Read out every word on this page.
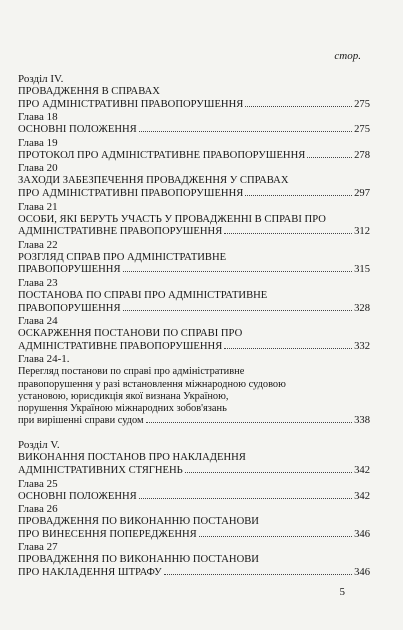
стор.
Розділ IV.
ПРОВАДЖЕННЯ В СПРАВАХ
ПРО АДМІНІСТРАТИВНІ ПРАВОПОРУШЕННЯ	275
Глава 18
ОСНОВНІ ПОЛОЖЕННЯ	275
Глава 19
ПРОТОКОЛ ПРО АДМІНІСТРАТИВНЕ ПРАВОПОРУШЕННЯ	278
Глава 20
ЗАХОДИ ЗАБЕЗПЕЧЕННЯ ПРОВАДЖЕННЯ У СПРАВАХ
ПРО АДМІНІСТРАТИВНІ ПРАВОПОРУШЕННЯ	297
Глава 21
ОСОБИ, ЯКІ БЕРУТЬ УЧАСТЬ У ПРОВАДЖЕННІ В СПРАВІ ПРО
АДМІНІСТРАТИВНЕ ПРАВОПОРУШЕННЯ	312
Глава 22
РОЗГЛЯД СПРАВ ПРО АДМІНІСТРАТИВНЕ
ПРАВОПОРУШЕННЯ	315
Глава 23
ПОСТАНОВА ПО СПРАВІ ПРО АДМІНІСТРАТИВНЕ
ПРАВОПОРУШЕННЯ	328
Глава 24
ОСКАРЖЕННЯ ПОСТАНОВИ ПО СПРАВІ ПРО
АДМІНІСТРАТИВНЕ ПРАВОПОРУШЕННЯ	332
Глава 24-1.
Перегляд постанови по справі про адміністративне
правопорушення у разі встановлення міжнародною судовою
установою, юрисдикція якої визнана Україною,
порушення Україною міжнародних зобов'язань
при вирішенні справи судом	338
Розділ V.
ВИКОНАННЯ ПОСТАНОВ ПРО НАКЛАДЕННЯ
АДМІНІСТРАТИВНИХ СТЯГНЕНЬ	342
Глава 25
ОСНОВНІ ПОЛОЖЕННЯ	342
Глава 26
ПРОВАДЖЕННЯ ПО ВИКОНАННЮ ПОСТАНОВИ
ПРО ВИНЕСЕННЯ ПОПЕРЕДЖЕННЯ	346
Глава 27
ПРОВАДЖЕННЯ ПО ВИКОНАННЮ ПОСТАНОВИ
ПРО НАКЛАДЕННЯ ШТРАФУ	346
5
